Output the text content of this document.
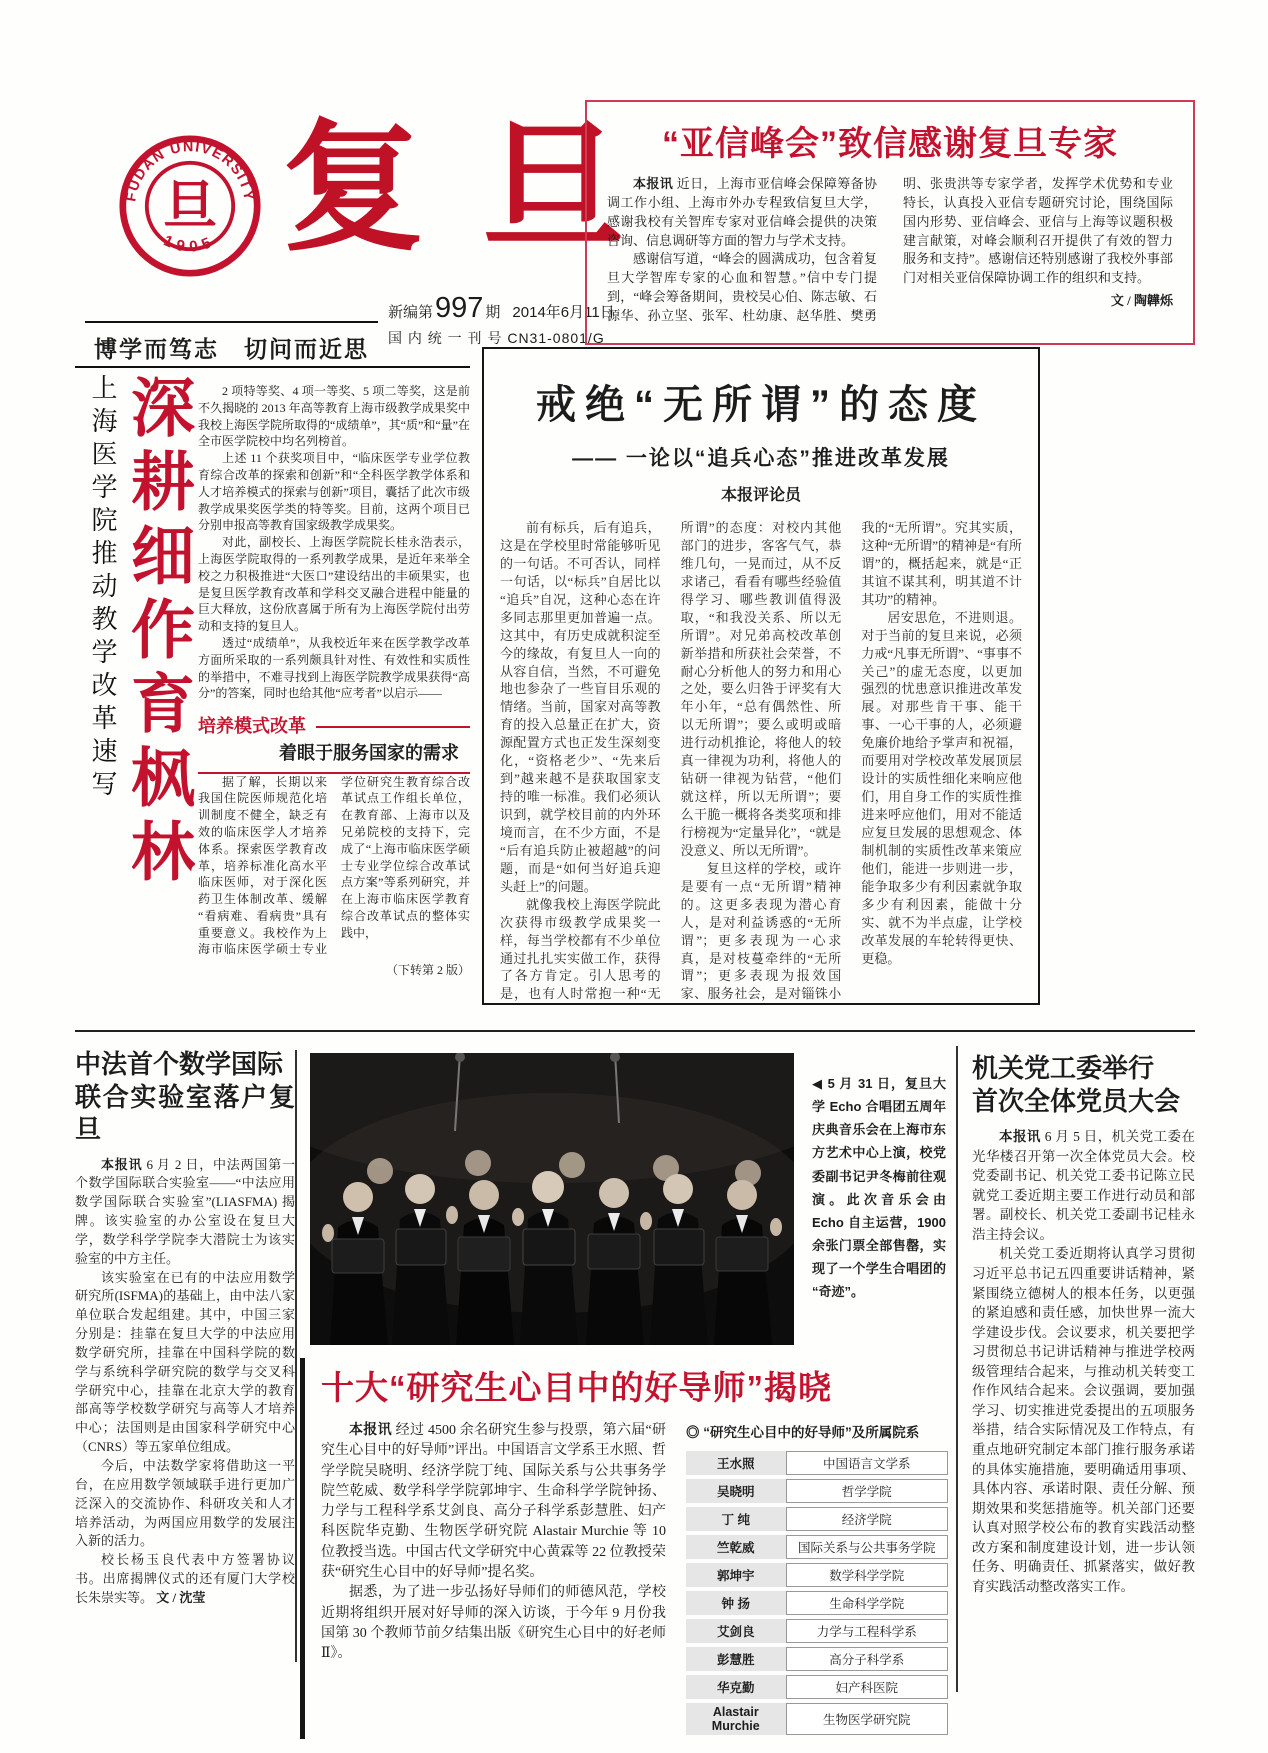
FUDAN UNIVERSITY
1905
旦 复 旦
博学而笃志　切问而近思
新编第 997 期 2014年6月11日
国 内 统 一 刊 号 CN31-0801/G
“亚信峰会”致信感谢复旦专家

本报讯 近日，上海市亚信峰会保障筹备协调工作小组、上海市外办专程致信复旦大学，感谢我校有关智库专家对亚信峰会提供的决策咨询、信息调研等方面的智力与学术支持。

感谢信写道，“峰会的圆满成功，包含着复旦大学智库专家的心血和智慧。”信中专门提到，“峰会筹备期间，贵校吴心伯、陈志敏、石源华、孙立坚、张军、杜幼康、赵华胜、樊勇明、张贵洪等专家学者，发挥学术优势和专业特长，认真投入亚信专题研究讨论，围绕国际国内形势、亚信峰会、亚信与上海等议题积极建言献策，对峰会顺利召开提供了有效的智力服务和支持”。感谢信还特别感谢了我校外事部门对相关亚信保障协调工作的组织和支持。

文 / 陶韡烁

上海医学院推动教学改革速写 深耕细作育枫林	2 项特等奖、4 项一等奖、5 项二等奖，这是前不久揭晓的 2013 年高等教育上海市级教学成果奖中我校上海医学院所取得的“成绩单”，其“质”和“量”在全市医学院校中均名列榜首。

上述 11 个获奖项目中，“临床医学专业学位教育综合改革的探索和创新”和“全科医学教学体系和人才培养模式的探索与创新”项目，囊括了此次市级教学成果奖医学类的特等奖。目前，这两个项目已分别申报高等教育国家级教学成果奖。

对此，副校长、上海医学院院长桂永浩表示，上海医学院取得的一系列教学成果，是近年来举全校之力积极推进“大医口”建设结出的丰硕果实，也是复旦医学教育改革和学科交叉融合进程中能量的巨大释放，这份欣喜属于所有为上海医学院付出劳动和支持的复旦人。

透过“成绩单”，从我校近年来在医学教学改革方面所采取的一系列颇具针对性、有效性和实质性的举措中，不难寻找到上海医学院教学成果获得“高分”的答案，同时也给其他“应考者”以启示——

培养模式改革

着眼于服务国家的需求

据了解，长期以来我国住院医师规范化培训制度不健全，缺乏有效的临床医学人才培养体系。探索医学教育改革，培养标准化高水平临床医师，对于深化医药卫生体制改革、缓解“看病难、看病贵”具有重要意义。我校作为上海市临床医学硕士专业学位研究生教育综合改革试点工作组长单位，在教育部、上海市以及兄弟院校的支持下，完成了“上海市临床医学硕士专业学位综合改革试点方案”等系列研究，并在上海市临床医学教育综合改革试点的整体实践中，

（下转第 2 版）

戒绝“无所谓”的态度
—— 一论以“追兵心态”推进改革发展
本报评论员

前有标兵，后有追兵，这是在学校里时常能够听见的一句话。不可否认，同样一句话，以“标兵”自居比以“追兵”自况，这种心态在许多同志那里更加普遍一点。这其中，有历史成就积淀至今的缘故，有复旦人一向的从容自信，当然，不可避免地也参杂了一些盲目乐观的情绪。当前，国家对高等教育的投入总量正在扩大，资源配置方式也正发生深刻变化，“资格老少”、“先来后到”越来越不是获取国家支持的唯一标准。我们必须认识到，就学校目前的内外环境而言，在不少方面，不是“后有追兵防止被超越”的问题，而是“如何当好追兵迎头赶上”的问题。

就像我校上海医学院此次获得市级教学成果奖一样，每当学校都有不少单位通过扎扎实实做工作，获得了各方肯定。引人思考的是，也有人时常抱一种“无所谓”的态度：对校内其他部门的进步，客客气气，恭维几句，一晃而过，从不反求诸己，看看有哪些经验值得学习、哪些教训值得汲取，“和我没关系、所以无所谓”。对兄弟高校改革创新举措和所获社会荣誉，不耐心分析他人的努力和用心之处，要么归咎于评奖有大年小年，“总有偶然性、所以无所谓”；要么或明或暗进行动机推论，将他人的较真一律视为功利，将他人的钻研一律视为钻营，“他们就这样，所以无所谓”；要么干脆一概将各类奖项和排行榜视为“定量异化”，“就是没意义、所以无所谓”。

复旦这样的学校，或许是要有一点“无所谓”精神的。这更多表现为潜心育人，是对利益诱惑的“无所谓”；更多表现为一心求真，是对枝蔓牵绊的“无所谓”；更多表现为报效国家、服务社会，是对锱铢小我的“无所谓”。究其实质，这种“无所谓”的精神是“有所谓”的，概括起来，就是“正其谊不谋其利，明其道不计其功”的精神。

居安思危，不进则退。对于当前的复旦来说，必须力戒“凡事无所谓”、“事事不关己”的虚无态度，以更加强烈的忧患意识推进改革发展。对那些肯干事、能干事、一心干事的人，必须避免廉价地给予掌声和祝福，而要用对学校改革发展顶层设计的实质性细化来响应他们，用自身工作的实质性推进来呼应他们，用对不能适应复旦发展的思想观念、体制机制的实质性改革来策应他们，能进一步则进一步，能争取多少有利因素就争取多少有利因素，能做十分实、就不为半点虚，让学校改革发展的车轮转得更快、更稳。

中法首个数学国际
联合实验室落户复旦

本报讯 6 月 2 日，中法两国第一个数学国际联合实验室——“中法应用数学国际联合实验室”(LIASFMA) 揭牌。该实验室的办公室设在复旦大学，数学科学学院李大潜院士为该实验室的中方主任。

该实验室在已有的中法应用数学研究所(ISFMA)的基础上，由中法八家单位联合发起组建。其中，中国三家分别是：挂靠在复旦大学的中法应用数学研究所，挂靠在中国科学院的数学与系统科学研究院的数学与交叉科学研究中心，挂靠在北京大学的教育部高等学校数学研究与高等人才培养中心；法国则是由国家科学研究中心（CNRS）等五家单位组成。

今后，中法数学家将借助这一平台，在应用数学领域联手进行更加广泛深入的交流协作、科研攻关和人才培养活动，为两国应用数学的发展注入新的活力。

校长杨玉良代表中方签署协议书。出席揭牌仪式的还有厦门大学校长朱崇实等。 文 / 沈莹

◀ 5 月 31 日，复旦大学 Echo 合唱团五周年庆典音乐会在上海市东方艺术中心上演，校党委副书记尹冬梅前往观演。此次音乐会由 Echo 自主运营，1900 余张门票全部售罄，实现了一个学生合唱团的“奇迹”。
机关党工委举行
首次全体党员大会

本报讯 6 月 5 日，机关党工委在光华楼召开第一次全体党员大会。校党委副书记、机关党工委书记陈立民就党工委近期主要工作进行动员和部署。副校长、机关党工委副书记桂永浩主持会议。

机关党工委近期将认真学习贯彻习近平总书记五四重要讲话精神，紧紧围绕立德树人的根本任务，以更强的紧迫感和责任感，加快世界一流大学建设步伐。会议要求，机关要把学习贯彻总书记讲话精神与推进学校两级管理结合起来，与推动机关转变工作作风结合起来。会议强调，要加强学习、切实推进党委提出的五项服务举措，结合实际情况及工作特点，有重点地研究制定本部门推行服务承诺的具体实施措施，要明确适用事项、具体内容、承诺时限、责任分解、预期效果和奖惩措施等。机关部门还要认真对照学校公布的教育实践活动整改方案和制度建设计划，进一步认领任务、明确责任、抓紧落实，做好教育实践活动整改落实工作。

十大“研究生心目中的好导师”揭晓

本报讯 经过 4500 余名研究生参与投票，第六届“研究生心目中的好导师”评出。中国语言文学系王水照、哲学学院吴晓明、经济学院丁纯、国际关系与公共事务学院竺乾威、数学科学学院郭坤宇、生命科学学院钟扬、力学与工程科学系艾剑良、高分子科学系彭慧胜、妇产科医院华克勤、生物医学研究院 Alastair Murchie 等 10 位教授当选。中国古代文学研究中心黄霖等 22 位教授荣获“研究生心目中的好导师”提名奖。

据悉，为了进一步弘扬好导师们的师德风范，学校近期将组织开展对好导师的深入访谈，于今年 9 月份我国第 30 个教师节前夕结集出版《研究生心目中的好老师Ⅱ》。

◎ “研究生心目中的好导师”及所属院系
王水照	中国语言文学系
吴晓明	哲学学院
丁 纯	经济学院
竺乾威	国际关系与公共事务学院
郭坤宇	数学科学学院
钟 扬	生命科学学院
艾剑良	力学与工程科学系
彭慧胜	高分子科学系
华克勤	妇产科医院
Alastair Murchie	生物医学研究院
